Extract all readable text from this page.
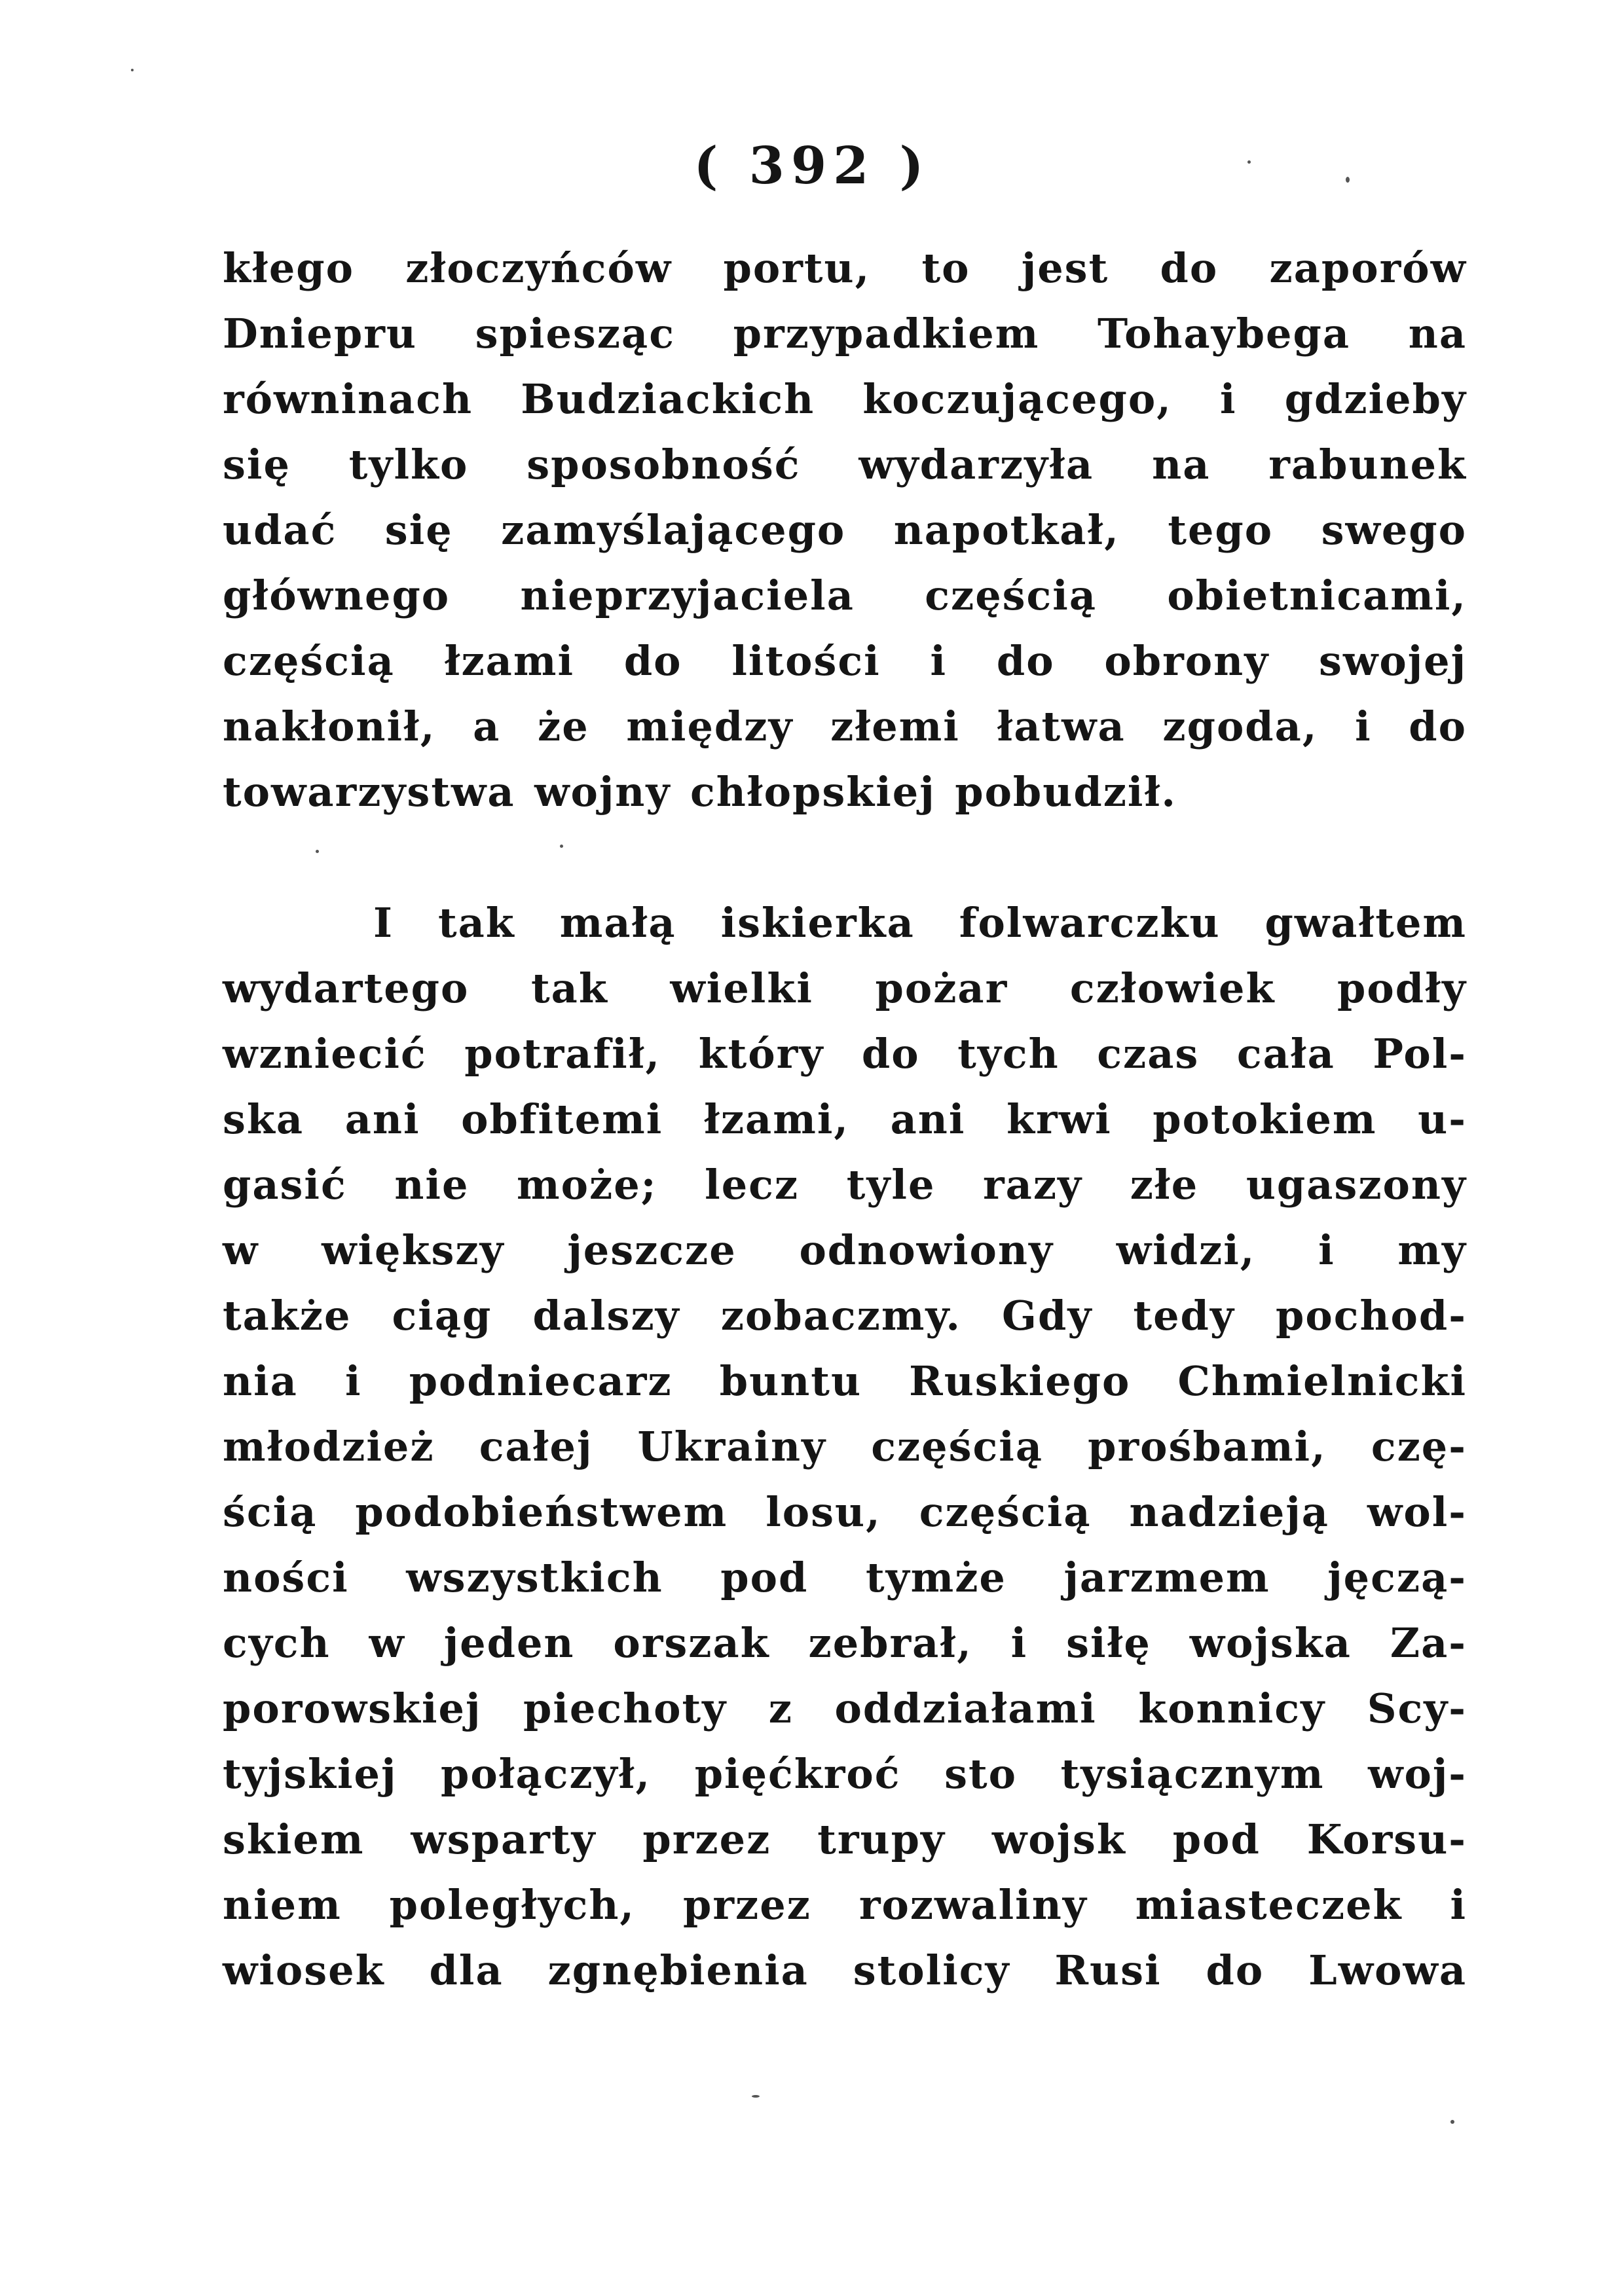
( 392 )
kłego złoczyńców portu, to jest do zaporów
Dniepru spiesząc przypadkiem Tohaybega na
równinach Budziackich koczującego, i gdzieby
się tylko sposobność wydarzyła na rabunek
udać się zamyślającego napotkał, tego swego
głównego nieprzyjaciela częścią obietnicami,
częścią łzami do litości i do obrony swojej
nakłonił, a że między złemi łatwa zgoda, i do
towarzystwa wojny chłopskiej pobudził.
I tak małą iskierka folwarczku gwałtem
wydartego tak wielki pożar człowiek podły
wzniecić potrafił, który do tych czas cała Pol-
ska ani obfitemi łzami, ani krwi potokiem u-
gasić nie może; lecz tyle razy złe ugaszony
w większy jeszcze odnowiony widzi, i my
także ciąg dalszy zobaczmy. Gdy tedy pochod-
nia i podniecarz buntu Ruskiego Chmielnicki
młodzież całej Ukrainy częścią prośbami, czę-
ścią podobieństwem losu, częścią nadzieją wol-
ności wszystkich pod tymże jarzmem jęczą-
cych w jeden orszak zebrał, i siłę wojska Za-
porowskiej piechoty z oddziałami konnicy Scy-
tyjskiej połączył, pięćkroć sto tysiącznym woj-
skiem wsparty przez trupy wojsk pod Korsu-
niem poległych, przez rozwaliny miasteczek i
wiosek dla zgnębienia stolicy Rusi do Lwowa
